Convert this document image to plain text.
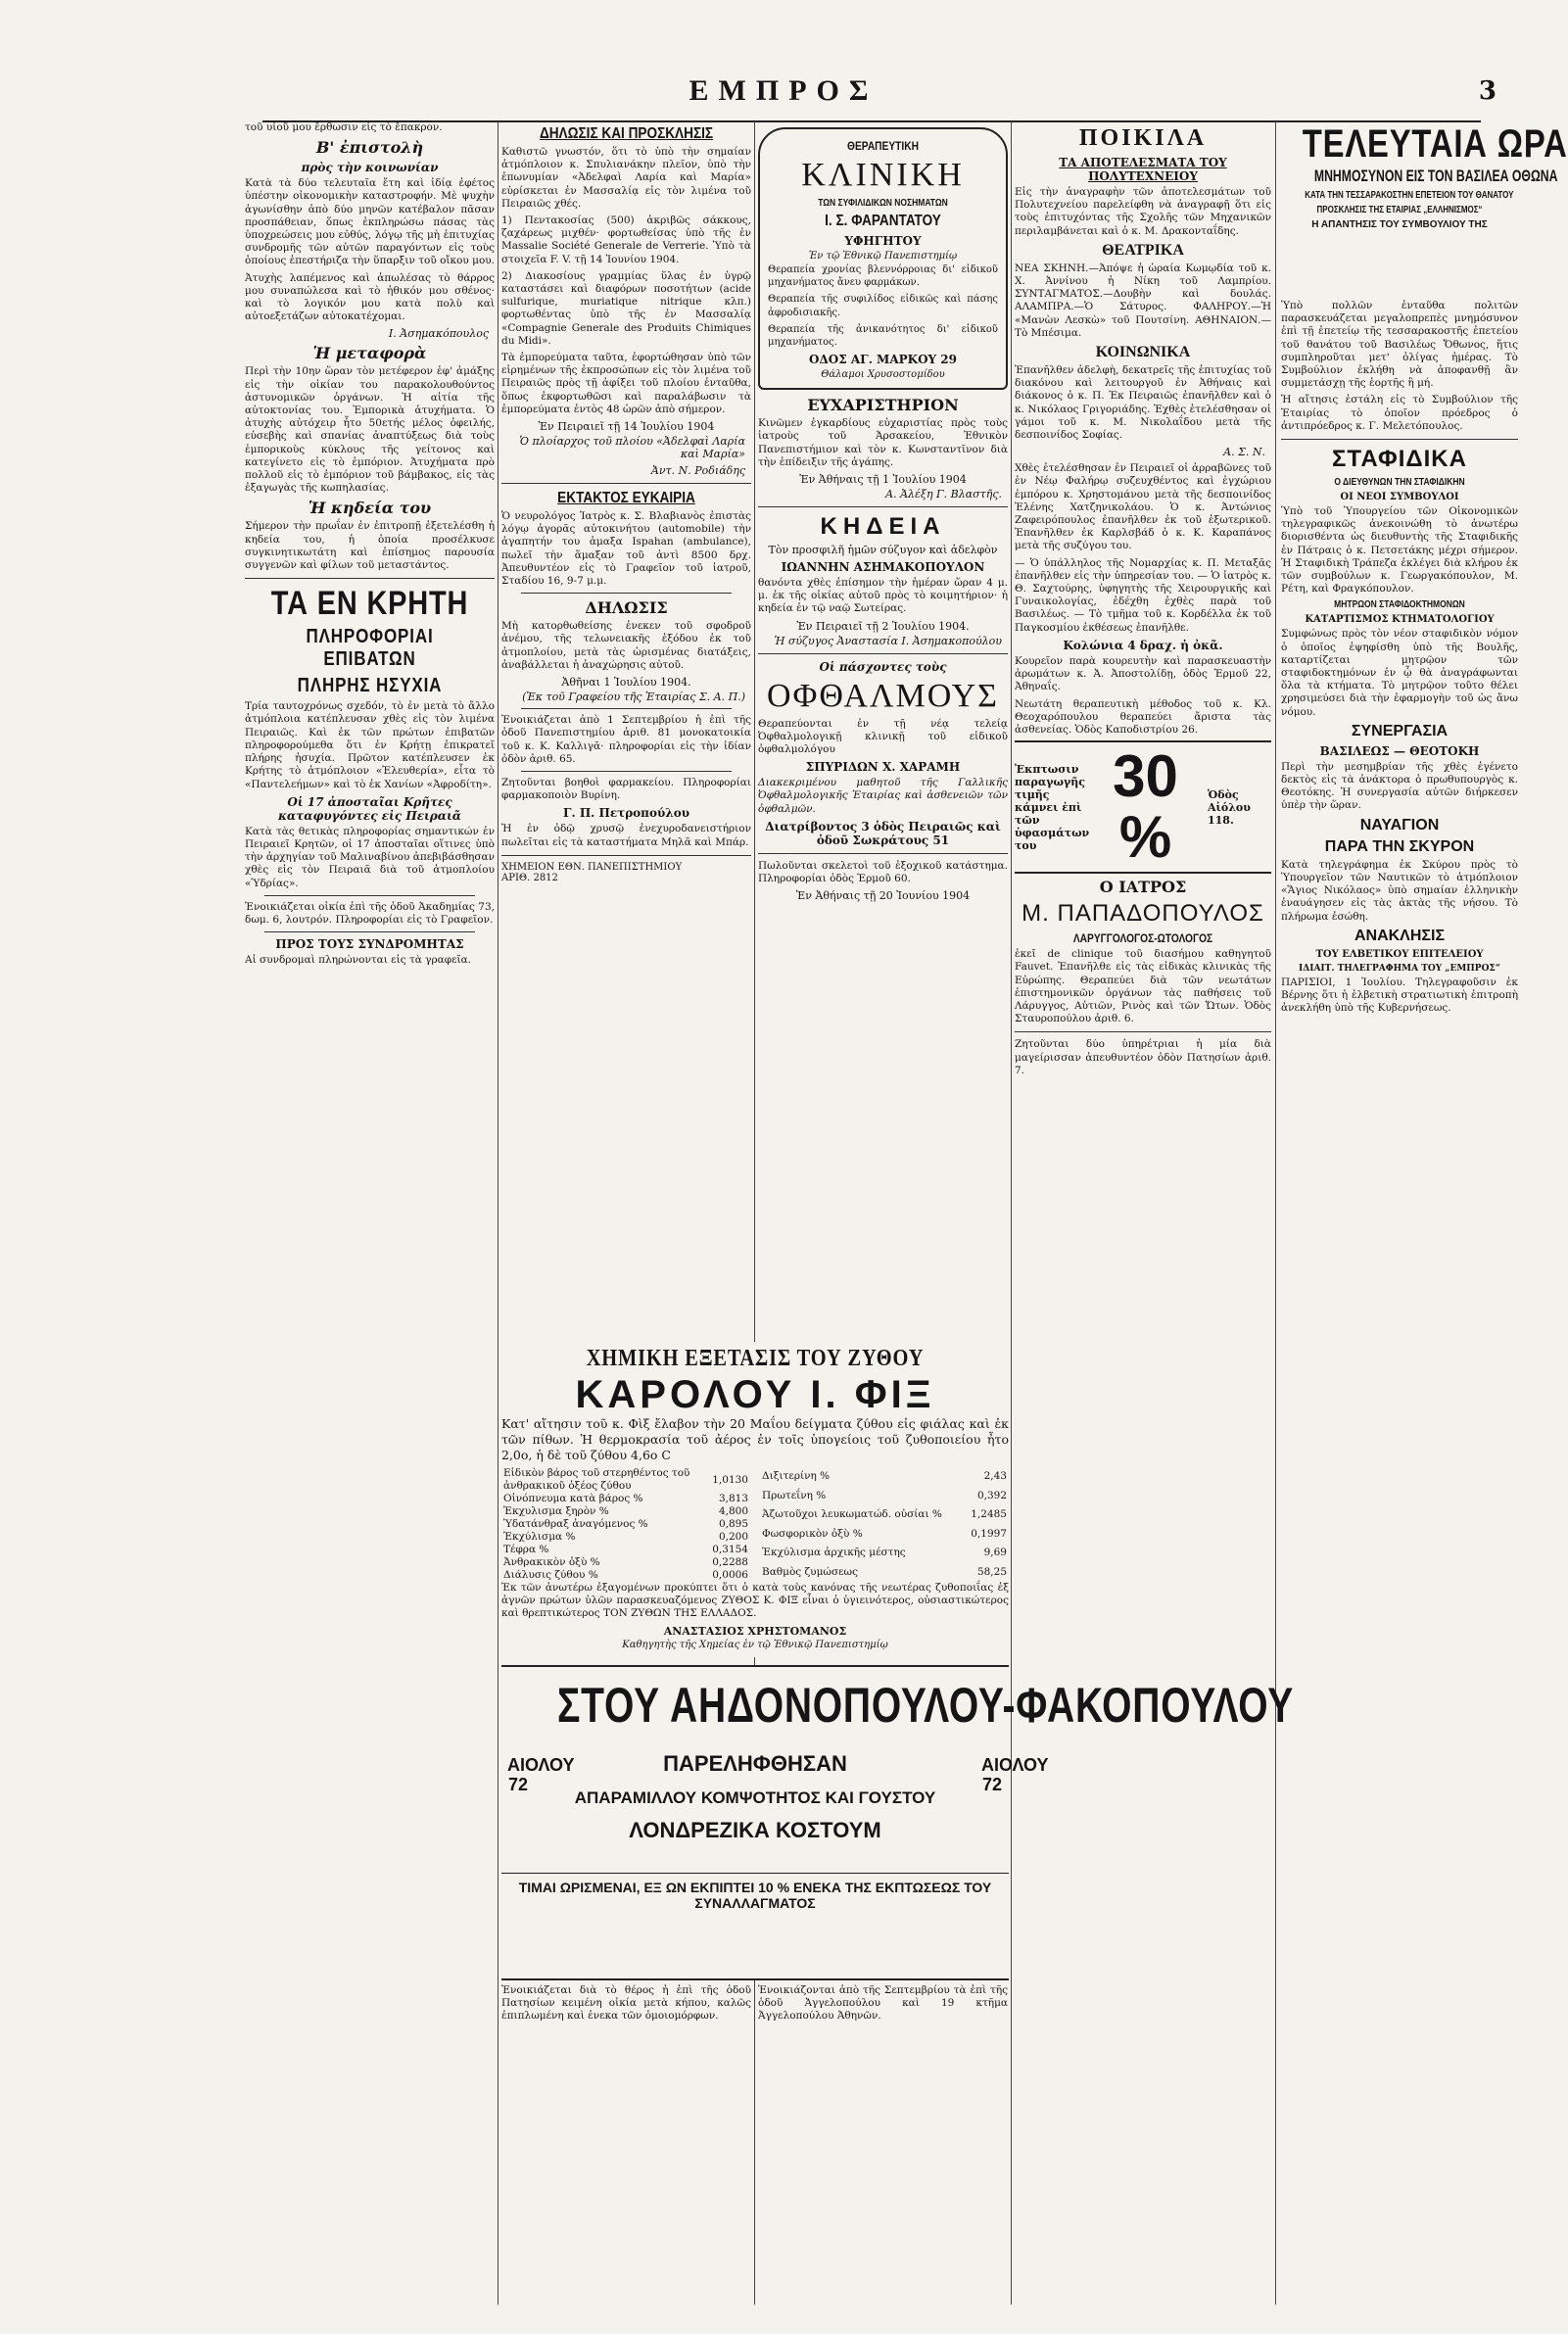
ΕΜΠΡΟΣ	3

τοῦ υἱοῦ μου ἔρθωσιν εἰς τὸ ἔπακρον.

Β' ἐπιστολὴ
πρὸς τὴν κοινωνίαν

Κατὰ τὰ δύο τελευταῖα ἔτη καὶ ἰδίᾳ ἐφέτος ὑπέστην οἰκονομικὴν καταστροφήν. Μὲ ψυχὴν ἀγωνίσθην ἀπὸ δύο μηνῶν κατέβαλον πᾶσαν προσπάθειαν, ὅπως ἐκπληρώσω πάσας τὰς ὑποχρεώσεις μου εὐθύς, λόγῳ τῆς μὴ ἐπιτυχίας συνδρομῆς τῶν αὐτῶν παραγόντων εἰς τοὺς ὁποίους ἐπεστήριζα τὴν ὕπαρξιν τοῦ οἴκου μου.

Ἀτυχὴς λαπέμενος καὶ ἀπωλέσας τὸ θάρρος μου συναπώλεσα καὶ τὸ ἠθικόν μου σθένος· καὶ τὸ λογικόν μου κατὰ πολὺ καὶ αὐτοεξετάζων αὐτοκατέχομαι.

Ι. Ἀσημακόπουλος
Ἡ μεταφορὰ

Περὶ τὴν 10ην ὥραν τὸν μετέφερον ἐφ' ἁμάξης εἰς τὴν οἰκίαν του παρακολουθούντος ἀστυνομικῶν ὀργάνων. Ἡ αἰτία τῆς αὐτοκτονίας του. Ἐμπορικὰ ἀτυχήματα. Ὁ ἀτυχὴς αὐτόχειρ ἦτο 50ετής μέλος ὀφειλής, εὐσεβὴς καὶ σπανίας ἀναπτύξεως διὰ τοὺς ἐμπορικοὺς κύκλους τῆς γείτονος καὶ κατεγίνετο εἰς τὸ ἐμπόριον. Ἀτυχήματα πρὸ πολλοῦ εἰς τὸ ἐμπόριον τοῦ βάμβακος, εἰς τὰς ἐξαγωγὰς τῆς κωπηλασίας.

Ἡ κηδεία του

Σήμερον τὴν πρωΐαν ἐν ἐπιτροπῇ ἐξετελέσθη ἡ κηδεία του, ἡ ὁποία προσέλκυσε συγκινητικωτάτη καὶ ἐπίσημος παρουσία συγγενῶν καὶ φίλων τοῦ μεταστάντος.

ΤΑ ΕΝ ΚΡΗΤΗ
ΠΛΗΡΟΦΟΡΙΑΙ ΕΠΙΒΑΤΩΝ
ΠΛΗΡΗΣ ΗΣΥΧΙΑ

Τρία ταυτοχρόνως σχεδόν, τὸ ἐν μετὰ τὸ ἄλλο ἀτμόπλοια κατέπλευσαν χθὲς εἰς τὸν λιμένα Πειραιῶς. Καὶ ἐκ τῶν πρώτων ἐπιβατῶν πληροφορούμεθα ὅτι ἐν Κρήτῃ ἐπικρατεῖ πλήρης ἡσυχία. Πρῶτον κατέπλευσεν ἐκ Κρήτης τὸ ἀτμόπλοιον «Ἐλευθερία», εἶτα τὸ «Παντελεήμων» καὶ τὸ ἐκ Χανίων «Ἀφροδίτη».

Οἱ 17 ἀποσταῖαι Κρῆτες καταφυγόντες εἰς Πειραιᾶ

Κατὰ τὰς θετικὰς πληροφορίας σημαντικών ἐν Πειραιεῖ Κρητῶν, οἱ 17 ἀποσταῖαι οἵτινες ὑπὸ τὴν ἀρχηγίαν τοῦ Μαλιναβίνου ἀπεβιβάσθησαν χθὲς εἰς τὸν Πειραιᾶ διὰ τοῦ ἀτμοπλοίου «Ὑδρίας».

Ἐνοικιάζεται οἰκία ἐπὶ τῆς ὁδοῦ Ἀκαδημίας 73, δωμ. 6, λουτρόν. Πληροφορίαι εἰς τὸ Γραφεῖον.

ΠΡΟΣ ΤΟΥΣ ΣΥΝΔΡΟΜΗΤΑΣ

Αἱ συνδρομαὶ πληρώνονται εἰς τὰ γραφεῖα.

ΔΗΛΩΣΙΣ ΚΑΙ ΠΡΟΣΚΛΗΣΙΣ

Καθιστῶ γνωστόν, ὅτι τὸ ὑπὸ τὴν σημαίαν ἀτμόπλοιον κ. Σπυλιανάκην πλεῖον, ὑπὸ τὴν ἐπωνυμίαν «Ἀδελφαὶ Λαρία καὶ Μαρία» εὑρίσκεται ἐν Μασσαλίᾳ εἰς τὸν λιμένα τοῦ Πειραιῶς χθές.

1) Πεντακοσίας (500) ἀκριβῶς σάκκους, ζαχάρεως μιχθέν· φορτωθείσας ὑπὸ τῆς ἐν Massalie Société Generale de Verrerie. Ὑπὸ τὰ στοιχεῖα F. V. τῇ 14 Ἰουνίου 1904.

2) Διακοσίους γραμμίας ὕλας ἐν ὑγρῷ καταστάσει καὶ διαφόρων ποσοτήτων (acide sulfurique, muriatique nitrique κλπ.) φορτωθέντας ὑπὸ τῆς ἐν Μασσαλίᾳ «Compagnie Generale des Produits Chimiques du Midi».

Τὰ ἐμπορεύματα ταῦτα, ἐφορτώθησαν ὑπὸ τῶν εἰρημένων τῆς ἐκπροσώπων εἰς τὸν λιμένα τοῦ Πειραιῶς πρὸς τῇ ἀφίξει τοῦ πλοίου ἐνταῦθα, ὅπως ἐκφορτωθῶσι καὶ παραλάβωσιν τὰ ἐμπορεύματα ἐντὸς 48 ὡρῶν ἀπὸ σήμερον.

Ἐν Πειραιεῖ τῇ 14 Ἰουλίου 1904
Ὁ πλοίαρχος τοῦ πλοίου «Ἀδελφαὶ Λαρία καὶ Μαρία»
Ἀντ. Ν. Ροδιάδης
ΕΚΤΑΚΤΟΣ ΕΥΚΑΙΡΙΑ

Ὁ νευρολόγος Ἰατρὸς κ. Σ. Βλαβιανὸς ἐπιστὰς λόγῳ ἀγορᾶς αὐτοκινήτου (automobile) τὴν ἀγαπητήν του ἁμαξα Ispahan (ambulance), πωλεῖ τὴν ἅμαξαν τοῦ ἀντὶ 8500 δρχ. Ἀπευθυντέον εἰς τὸ Γραφεῖον τοῦ ἰατροῦ, Σταδίου 16, 9-7 μ.μ.

ΔΗΛΩΣΙΣ

Μὴ κατορθωθείσης ἐνεκεν τοῦ σφοδροῦ ἀνέμου, τῆς τελωνειακῆς ἐξόδου ἐκ τοῦ ἀτμοπλοίου, μετὰ τὰς ὡρισμένας διατάξεις, ἀναβάλλεται ἡ ἀναχώρησις αὐτοῦ.

Ἀθῆναι 1 Ἰουλίου 1904.
(Ἐκ τοῦ Γραφείου τῆς Ἑταιρίας Σ. Α. Π.)

Ἐνοικιάζεται ἀπὸ 1 Σεπτεμβρίου ἡ ἐπὶ τῆς ὁδοῦ Πανεπιστημίου ἀριθ. 81 μονοκατοικία τοῦ κ. Κ. Καλλιγᾶ· πληροφορίαι εἰς τὴν ἰδίαν ὁδὸν ἀριθ. 65.

Ζητοῦνται βοηθοὶ φαρμακείου. Πληροφορίαι φαρμακοποιὸν Βυρίνη.

Γ. Π. Πετροπούλου

Ἡ ἐν ὀδῷ χρυσῷ ἐνεχυροδανειστήριον πωλεῖται εἰς τὰ καταστήματα Μηλᾶ καὶ Μπάρ.

ΧΗΜΕΙΟΝ ΕΘΝ. ΠΑΝΕΠΙΣΤΗΜΙΟΥ
ΑΡΙΘ. 2812
ΘΕΡΑΠΕΥΤΙΚΗ
ΚΛΙΝΙΚΗ
ΤΩΝ ΣΥΦΙΛΙΔΙΚΩΝ ΝΟΣΗΜΑΤΩΝ
Ι. Σ. ΦΑΡΑΝΤΑΤΟΥ
ΥΦΗΓΗΤΟΥ
Ἐν τῷ Ἐθνικῷ Πανεπιστημίῳ

Θεραπεία χρονίας βλεννόρροιας δι' εἰδικοῦ μηχανήματος ἄνευ φαρμάκων.

Θεραπεία τῆς συφιλίδος εἰδικῶς καὶ πάσης ἀφροδισιακῆς.

Θεραπεία τῆς ἀνικανότητος δι' εἰδικοῦ μηχανήματος.

ΟΔΟΣ ΑΓ. ΜΑΡΚΟΥ 29
Θάλαμοι Χρυσοστομίδου
ΕΥΧΑΡΙΣΤΗΡΙΟΝ

Κινῶμεν ἐγκαρδίους εὐχαριστίας πρὸς τοὺς ἰατροὺς τοῦ Ἀρσακείου, Ἐθνικὸν Πανεπιστήμιον καὶ τὸν κ. Κωνσταντῖνον διὰ τὴν ἐπίδειξιν τῆς ἀγάπης.

Ἐν Ἀθήναις τῇ 1 Ἰουλίου 1904
Α. Ἀλέξη Γ. Βλαστῆς.
ΚΗΔΕΙΑ
Τὸν προσφιλῆ ἡμῶν σύζυγον καὶ ἀδελφὸν
ΙΩΑΝΝΗΝ ΑΣΗΜΑΚΟΠΟΥΛΟΝ

θανόντα χθὲς ἐπίσημον τὴν ἡμέραν ὥραν 4 μ. μ. ἐκ τῆς οἰκίας αὐτοῦ πρὸς τὸ κοιμητήριον· ἡ κηδεία ἐν τῷ ναῷ Σωτείρας.

Ἐν Πειραιεῖ τῇ 2 Ἰουλίου 1904.
Ἡ σύζυγος Ἀναστασία Ι. Ἀσημακοπούλου
Οἱ πάσχοντες τοὺς
ΟΦΘΑΛΜΟΥΣ

Θεραπεύονται ἐν τῇ νέᾳ τελείᾳ Ὀφθαλμολογικῇ κλινικῇ τοῦ εἰδικοῦ ὀφθαλμολόγου

ΣΠΥΡΙΔΩΝ Χ. ΧΑΡΑΜΗ

Διακεκριμένου μαθητοῦ τῆς Γαλλικῆς Ὀφθαλμολογικῆς Ἑταιρίας καὶ ἀσθενειῶν τῶν ὀφθαλμῶν.

Διατρίβοντος 3 ὁδὸς Πειραιῶς καὶ ὁδοῦ Σωκράτους 51

Πωλοῦνται σκελετοὶ τοῦ ἐξοχικοῦ κατάστημα. Πληροφορίαι ὁδὸς Ἑρμοῦ 60.

Ἐν Ἀθήναις τῇ 20 Ἰουνίου 1904
ΧΗΜΙΚΗ ΕΞΕΤΑΣΙΣ ΤΟΥ ΖΥΘΟΥ
ΚΑΡΟΛΟΥ Ι. ΦΙΞ

Κατ' αἴτησιν τοῦ κ. Φὶξ ἔλαβον τὴν 20 Μαΐου δείγματα ζύθου εἰς φιάλας καὶ ἐκ τῶν πίθων. Ἡ θερμοκρασία τοῦ ἀέρος ἐν τοῖς ὑπογείοις τοῦ ζυθοποιείου ἦτο 2,0ο, ἡ δὲ τοῦ ζύθου 4,6ο C

Εἰδικὸν βάρος τοῦ στερηθέντος τοῦ ἀνθρακικοῦ ὀξέος ζύθου	1,0130
Οἰνόπνευμα κατὰ βάρος %	3,813
Ἐκχυλισμα ξηρὸν %	4,800
Ὑδατάνθραξ ἀναγόμενος %	0,895
Ἐκχύλισμα %	0,200
Τέφρα %	0,3154
Ἀνθρακικὸν ὀξὺ %	0,2288
Διάλυσις ζύθου %	0,0006
Διξιτερίνη %	2,43
Πρωτεΐνη %	0,392
Ἀζωτοῦχοι λευκωματώδ. οὐσίαι %	1,2485
Φωσφορικὸν ὀξὺ %	0,1997
Ἐκχύλισμα ἀρχικῆς μέστης	9,69
Βαθμὸς ζυμώσεως	58,25

Ἐκ τῶν ἀνωτέρω ἐξαγομένων προκύπτει ὅτι ὁ κατὰ τοὺς κανόνας τῆς νεωτέρας ζυθοποιΐας ἐξ ἀγνῶν πρώτων ὑλῶν παρασκευαζόμενος ΖΥΘΟΣ Κ. ΦΙΞ εἶναι ὁ ὑγιεινότερος, οὐσιαστικώτερος καὶ θρεπτικώτερος ΤΟΝ ΖΥΘΩΝ ΤΗΣ ΕΛΛΑΔΟΣ.

ΑΝΑΣΤΑΣΙΟΣ ΧΡΗΣΤΟΜΑΝΟΣ
Καθηγητὴς τῆς Χημείας ἐν τῷ Ἐθνικῷ Πανεπιστημίῳ
ΣΤΟΥ ΑΗΔΟΝΟΠΟΥΛΟΥ-ΦΑΚΟΠΟΥΛΟΥ
ΑΙΟΛΟΥ 72
ΑΙΟΛΟΥ 72
ΠΑΡΕΛΗΦΘΗΣΑΝ
ΑΠΑΡΑΜΙΛΛΟΥ ΚΟΜΨΟΤΗΤΟΣ ΚΑΙ ΓΟΥΣΤΟΥ
ΛΟΝΔΡΕΖΙΚΑ ΚΟΣΤΟΥΜ
ΤΙΜΑΙ ΩΡΙΣΜΕΝΑΙ, ΕΞ ΩΝ ΕΚΠΙΠΤΕΙ 10 % ΕΝΕΚΑ ΤΗΣ ΕΚΠΤΩΣΕΩΣ ΤΟΥ ΣΥΝΑΛΛΑΓΜΑΤΟΣ

Ἐνοικιάζεται διὰ τὸ θέρος ἡ ἐπὶ τῆς ὁδοῦ Πατησίων κειμένη οἰκία μετὰ κήπου, καλῶς ἐπιπλωμένη καὶ ἐνεκα τῶν ὁμοιομόρφων.

Ἐνοικιάζονται ἀπὸ τῆς Σεπτεμβρίου τὰ ἐπὶ τῆς ὁδοῦ Ἀγγελοπούλου καὶ 19 κτῆμα Ἀγγελοπούλου Ἀθηνῶν.

ΠΟΙΚΙΛΑ
ΤΑ ΑΠΟΤΕΛΕΣΜΑΤΑ ΤΟΥ ΠΟΛΥΤΕΧΝΕΙΟΥ

Εἰς τὴν ἀναγραφὴν τῶν ἀποτελεσμάτων τοῦ Πολυτεχνείου παρελείφθη νὰ ἀναγραφῇ ὅτι εἰς τοὺς ἐπιτυχόντας τῆς Σχολῆς τῶν Μηχανικῶν περιλαμβάνεται καὶ ὁ κ. Μ. Δρακονταΐδης.

ΘΕΑΤΡΙΚΑ

ΝΕΑ ΣΚΗΝΗ.—Ἀπόψε ἡ ὡραία Κωμῳδία τοῦ κ. Χ. Ἀννίνου ἡ Νίκη τοῦ Λαμπρίου. ΣΥΝΤΑΓΜΑΤΟΣ.—Δουβὴν καὶ δουλάς. ΑΛΑΜΠΡΑ.—Ὁ Σάτυρος. ΦΑΛΗΡΟΥ.—Ἡ «Μανὼν Λεσκὼ» τοῦ Πουτσίνη. ΑΘΗΝΑΙΟΝ.—Τὸ Μπέσιμα.

ΚΟΙΝΩΝΙΚΑ

Ἐπανῆλθεν ἀδελφὴ, δεκατρεῖς τῆς ἐπιτυχίας τοῦ διακόνου καὶ λειτουργοῦ ἐν Ἀθήναις καὶ διάκονος ὁ κ. Π. Ἐκ Πειραιῶς ἐπανῆλθεν καὶ ὁ κ. Νικόλαος Γριγοριάδης. Ἐχθὲς ἐτελέσθησαν οἱ γάμοι τοῦ κ. Μ. Νικολαΐδου μετὰ τῆς δεσποινίδος Σοφίας.

Α. Σ. Ν.

Χθὲς ἐτελέσθησαν ἐν Πειραιεῖ οἱ ἀρραβῶνες τοῦ ἐν Νέῳ Φαλήρῳ συζευχθέντος καὶ ἐγχώριου ἐμπόρου κ. Χρηστομάνου μετὰ τῆς δεσποινίδος Ἐλένης Χατζηνικολάου. Ὁ κ. Ἀντώνιος Ζαφειρόπουλος ἐπανῆλθεν ἐκ τοῦ ἐξωτερικοῦ. Ἐπανῆλθεν ἐκ Καρλσβάδ ὁ κ. Κ. Καραπάνος μετὰ τῆς συζύγου του.

— Ὁ ὑπάλληλος τῆς Νομαρχίας κ. Π. Μεταξᾶς ἐπανῆλθεν εἰς τὴν ὑπηρεσίαν του. — Ὁ ἰατρὸς κ. Θ. Σαχτούρης, ὑφηγητὴς τῆς Χειρουργικῆς καὶ Γυναικολογίας, ἐδέχθη ἐχθὲς παρὰ τοῦ Βασιλέως. — Τὸ τμῆμα τοῦ κ. Κορδέλλα ἐκ τοῦ Παγκοσμίου ἐκθέσεως ἐπανῆλθε.

Κολώνια 4 δραχ. ἡ ὀκᾶ.

Κουρεῖον παρὰ κουρευτὴν καὶ παρασκευαστὴν ἀρωμάτων κ. Ἀ. Ἀποστολίδῃ, ὁδὸς Ἑρμοῦ 22, Ἀθηναΐς.

Νεωτάτη θεραπευτικὴ μέθοδος τοῦ κ. Κλ. Θεοχαρόπουλου θεραπεύει ἄριστα τὰς ἀσθενείας. Ὁδὸς Καποδιστρίου 26.

Ἐκπτωσιν παραγωγῆς τιμῆς κάμνει ἐπὶ τῶν ὑφασμάτων του
30 %
Ὁδὸς Αἰόλου 118.
Ο ΙΑΤΡΟΣ
Μ. ΠΑΠΑΔΟΠΟΥΛΟΣ
ΛΑΡΥΓΓΟΛΟΓΟΣ-ΩΤΟΛΟΓΟΣ

ἐκεῖ de clinique τοῦ διασήμου καθηγητοῦ Fauvet. Ἐπανῆλθε εἰς τὰς εἰδικὰς κλινικὰς τῆς Εὐρώπης. Θεραπεύει διὰ τῶν νεωτάτων ἐπιστημονικῶν ὀργάνων τὰς παθήσεις τοῦ Λάρυγγος, Αὐτιῶν, Ρινὸς καὶ τῶν Ὤτων. Ὁδὸς Σταυροπούλου ἀριθ. 6.

Ζητοῦνται δύο ὑπηρέτριαι ἡ μία διὰ μαγείρισσαν ἀπευθυντέον ὁδὸν Πατησίων ἀριθ. 7.

ΤΕΛΕΥΤΑΙΑ ΩΡΑ
ΜΝΗΜΟΣΥΝΟΝ ΕΙΣ ΤΟΝ ΒΑΣΙΛΕΑ ΟΘΩΝΑ
ΚΑΤΑ ΤΗΝ ΤΕΣΣΑΡΑΚΟΣΤΗΝ ΕΠΕΤΕΙΟΝ ΤΟΥ ΘΑΝΑΤΟΥ
ΠΡΟΣΚΛΗΣΙΣ ΤΗΣ ΕΤΑΙΡΙΑΣ „ΕΛΛΗΝΙΣΜΟΣ“
Η ΑΠΑΝΤΗΣΙΣ ΤΟΥ ΣΥΜΒΟΥΛΙΟΥ ΤΗΣ

Ὑπὸ πολλῶν ἐνταῦθα πολιτῶν παρασκευάζεται μεγαλοπρεπὲς μνημόσυνον ἐπὶ τῇ ἐπετείῳ τῆς τεσσαρακοστῆς ἐπετείου τοῦ θανάτου τοῦ Βασιλέως Ὄθωνος, ἥτις συμπληροῦται μετ' ὀλίγας ἡμέρας. Τὸ Συμβούλιον ἐκλήθη νὰ ἀποφανθῇ ἂν συμμετάσχῃ τῆς ἑορτῆς ἢ μή.

Ἡ αἴτησις ἐστάλη εἰς τὸ Συμβούλιον τῆς Ἑταιρίας τὸ ὁποῖον πρόεδρος ὁ ἀντιπρόεδρος κ. Γ. Μελετόπουλος.

ΣΤΑΦΙΔΙΚΑ
Ο ΔΙΕΥΘΥΝΩΝ ΤΗΝ ΣΤΑΦΙΔΙΚΗΝ
ΟΙ ΝΕΟΙ ΣΥΜΒΟΥΛΟΙ

Ὑπὸ τοῦ Ὑπουργείου τῶν Οἰκονομικῶν τηλεγραφικῶς ἀνεκοινώθη τὸ ἀνωτέρω διορισθέντα ὡς διευθυντὴς τῆς Σταφιδικῆς ἐν Πάτραις ὁ κ. Πετσετάκης μέχρι σήμερον. Ἡ Σταφιδικὴ Τράπεζα ἐκλέγει διὰ κλήρου ἐκ τῶν συμβούλων κ. Γεωργακόπουλον, Μ. Ρέτη, καὶ Φραγκόπουλον.

ΜΗΤΡΩΟΝ ΣΤΑΦΙΔΟΚΤΗΜΟΝΩΝ
ΚΑΤΑΡΤΙΣΜΟΣ ΚΤΗΜΑΤΟΛΟΓΙΟΥ

Συμφώνως πρὸς τὸν νέον σταφιδικὸν νόμον ὁ ὁποῖος ἐψηφίσθη ὑπὸ τῆς Βουλῆς, καταρτίζεται μητρῷον τῶν σταφιδοκτημόνων ἐν ᾧ θὰ ἀναγράφωνται ὅλα τὰ κτήματα. Τὸ μητρῷον τοῦτο θέλει χρησιμεύσει διὰ τὴν ἐφαρμογὴν τοῦ ὡς ἄνω νόμου.

ΣΥΝΕΡΓΑΣΙΑ
ΒΑΣΙΛΕΩΣ — ΘΕΟΤΟΚΗ

Περὶ τὴν μεσημβρίαν τῆς χθὲς ἐγένετο δεκτὸς εἰς τὰ ἀνάκτορα ὁ πρωθυπουργὸς κ. Θεοτόκης. Ἡ συνεργασία αὐτῶν διήρκεσεν ὑπὲρ τὴν ὥραν.

ΝΑΥΑΓΙΟΝ
ΠΑΡΑ ΤΗΝ ΣΚΥΡΟΝ

Κατὰ τηλεγράφημα ἐκ Σκύρου πρὸς τὸ Ὑπουργεῖον τῶν Ναυτικῶν τὸ ἀτμόπλοιον «Ἅγιος Νικόλαος» ὑπὸ σημαίαν ἑλληνικὴν ἐναυάγησεν εἰς τὰς ἀκτὰς τῆς νήσου. Τὸ πλήρωμα ἐσώθη.

ΑΝΑΚΛΗΣΙΣ
ΤΟΥ ΕΛΒΕΤΙΚΟΥ ΕΠΙΤΕΛΕΙΟΥ
ΙΔΙΑΙΤ. ΤΗΛΕΓΡΑΦΗΜΑ ΤΟΥ „ΕΜΠΡΟΣ“

ΠΑΡΙΣΙΟΙ, 1 Ἰουλίου. Τηλεγραφοῦσιν ἐκ Βέρνης ὅτι ἡ ἑλβετικὴ στρατιωτικὴ ἐπιτροπὴ ἀνεκλήθη ὑπὸ τῆς Κυβερνήσεως.
